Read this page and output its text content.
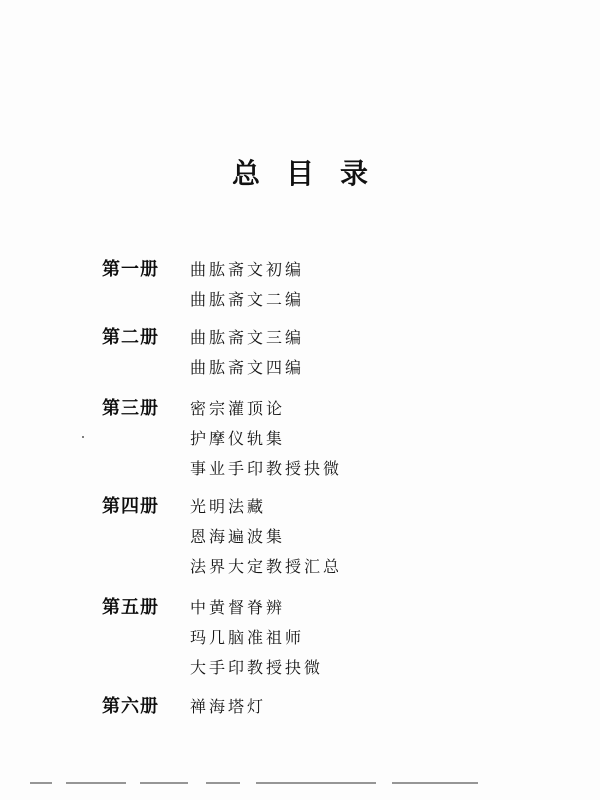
总目录
第一册 曲肱斋文初编
曲肱斋文二编
第二册 曲肱斋文三编
曲肱斋文四编
第三册 密宗灌顶论
护摩仪轨集
事业手印教授抉微
第四册 光明法藏
恩海遍波集
法界大定教授汇总
第五册 中黄督脊辨
玛几脑准祖师
大手印教授抉微
第六册 禅海塔灯
